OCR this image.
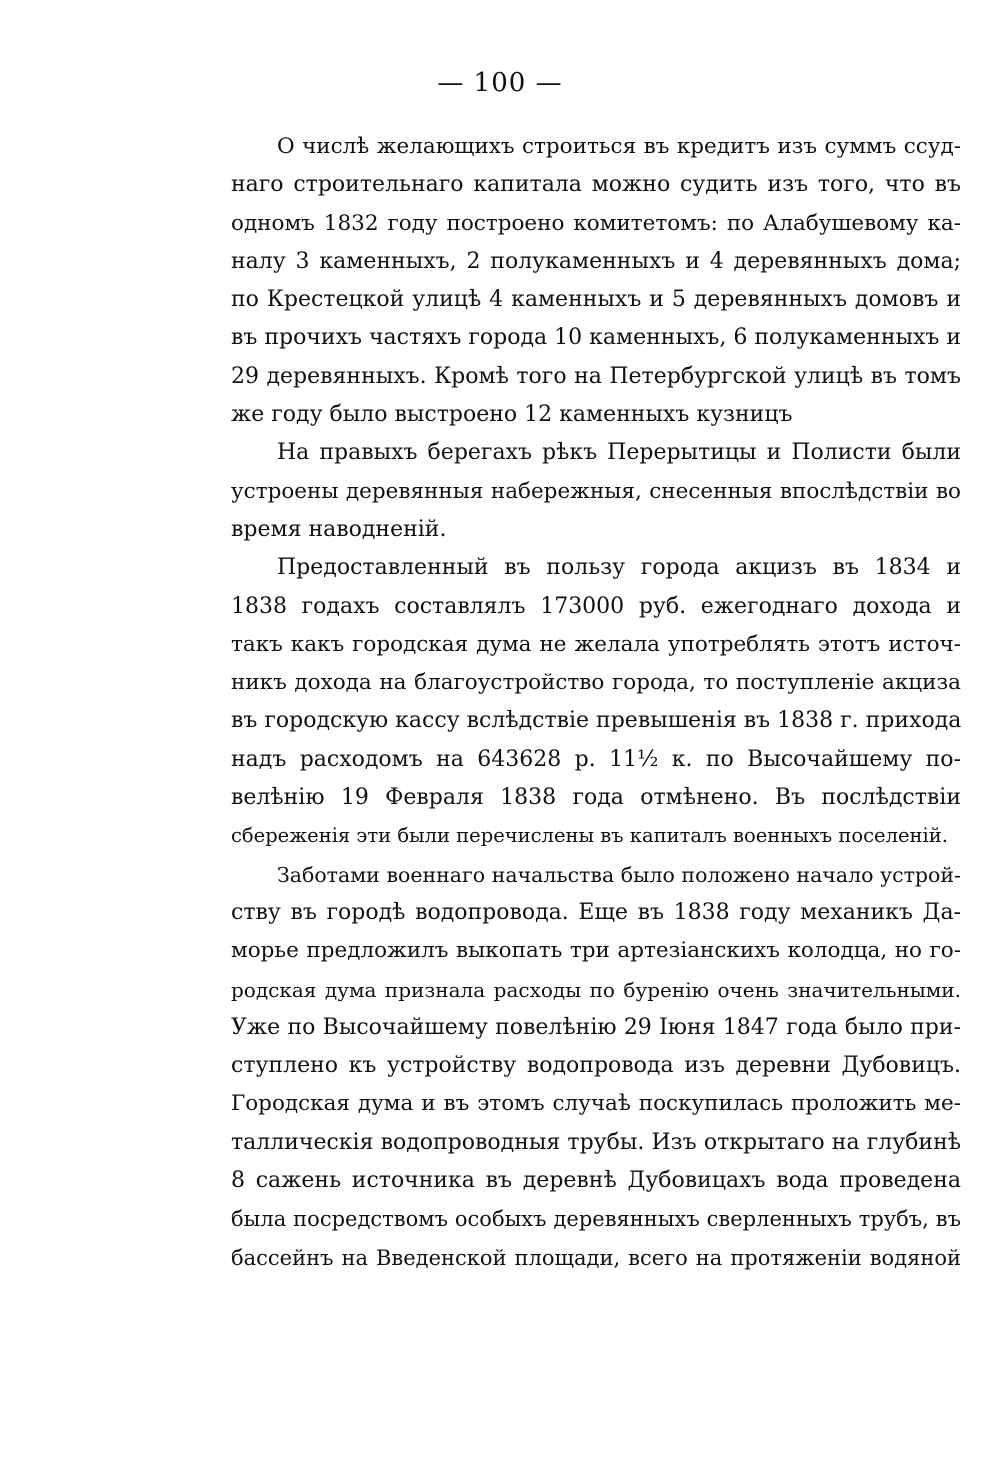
— 100 —
О числѣ желающихъ строиться въ кредитъ изъ суммъ ссуд-
наго строительнаго капитала можно судить изъ того, что въ
одномъ 1832 году построено комитетомъ: по Алабушевому ка-
налу 3 каменныхъ, 2 полукаменныхъ и 4 деревянныхъ дома;
по Крестецкой улицѣ 4 каменныхъ и 5 деревянныхъ домовъ и
въ прочихъ частяхъ города 10 каменныхъ, 6 полукаменныхъ и
29 деревянныхъ. Кромѣ того на Петербургской улицѣ въ томъ
же году было выстроено 12 каменныхъ кузницъ
На правыхъ берегахъ рѣкъ Перерытицы и Полисти были
устроены деревянныя набережныя, снесенныя впослѣдствіи во
время наводненій.
Предоставленный въ пользу города акцизъ въ 1834 и
1838 годахъ составлялъ 173000 руб. ежегоднаго дохода и
такъ какъ городская дума не желала употреблять этотъ источ-
никъ дохода на благоустройство города, то поступленіе акциза
въ городскую кассу вслѣдствіе превышенія въ 1838 г. прихода
надъ расходомъ на 643628 р. 11½ к. по Высочайшему по-
велѣнію 19 Февраля 1838 года отмѣнено. Въ послѣдствіи
сбереженія эти были перечислены въ капиталъ военныхъ поселеній.
Заботами военнаго начальства было положено начало устрой-
ству въ городѣ водопровода. Еще въ 1838 году механикъ Да-
морье предложилъ выкопать три артезіанскихъ колодца, но го-
родская дума признала расходы по буренію очень значительными.
Уже по Высочайшему повелѣнію 29 Іюня 1847 года было при-
ступлено къ устройству водопровода изъ деревни Дубовицъ.
Городская дума и въ этомъ случаѣ поскупилась проложить ме-
таллическія водопроводныя трубы. Изъ открытаго на глубинѣ
8 сажень источника въ деревнѣ Дубовицахъ вода проведена
была посредствомъ особыхъ деревянныхъ сверленныхъ трубъ, въ
бассейнъ на Введенской площади, всего на протяженіи водяной
